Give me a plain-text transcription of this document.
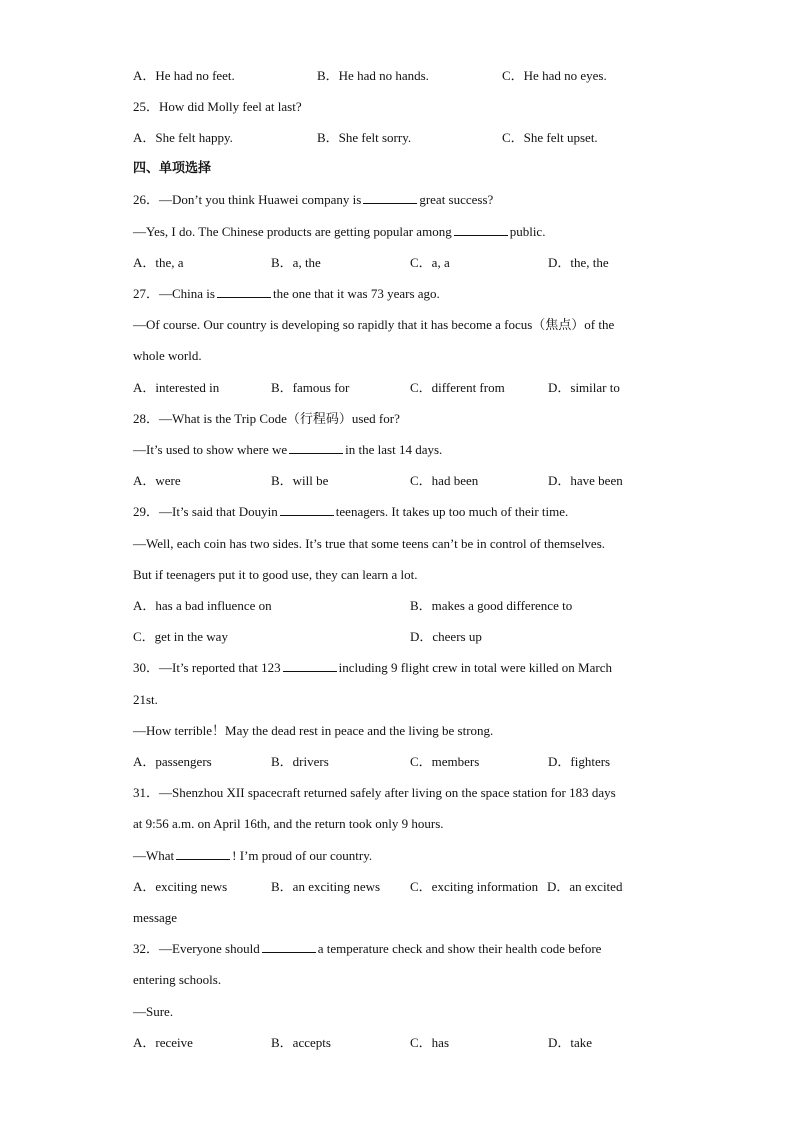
A．He had no feet.	B．He had no hands.	C．He had no eyes.
25．How did Molly feel at last?
A．She felt happy.	B．She felt sorry.	C．She felt upset.
四、单项选择
26．—Don’t you think Huawei company is	great success?
—Yes, I do. The Chinese products are getting popular among	public.
A．the, a	B．a, the	C．a, a	D．the, the
27．—China is	the one that it was 73 years ago.
—Of course. Our country is developing so rapidly that it has become a focus（焦点）of the
whole world.
A．interested in	B．famous for	C．different from	D．similar to
28．—What is the Trip Code（行程码）used for?
—It’s used to show where we	in the last 14 days.
A．were	B．will be	C．had been	D．have been
29．—It’s said that Douyin	teenagers. It takes up too much of their time.
—Well, each coin has two sides. It’s true that some teens can’t be in control of themselves.
But if teenagers put it to good use, they can learn a lot.
A．has a bad influence on	B．makes a good difference to
C．get in the way	D．cheers up
30．—It’s reported that 123	including 9 flight crew in total were killed on March
21st.
—How terrible！May the dead rest in peace and the living be strong.
A．passengers	B．drivers	C．members	D．fighters
31．—Shenzhou XII spacecraft returned safely after living on the space station for 183 days
at 9:56 a.m. on April 16th, and the return took only 9 hours.
—What	! I’m proud of our country.
A．exciting news	B．an exciting news C．exciting information D．an excited
message
32．—Everyone should	a temperature check and show their health code before
entering schools.
—Sure.
A．receive	B．accepts	C．has	D．take
